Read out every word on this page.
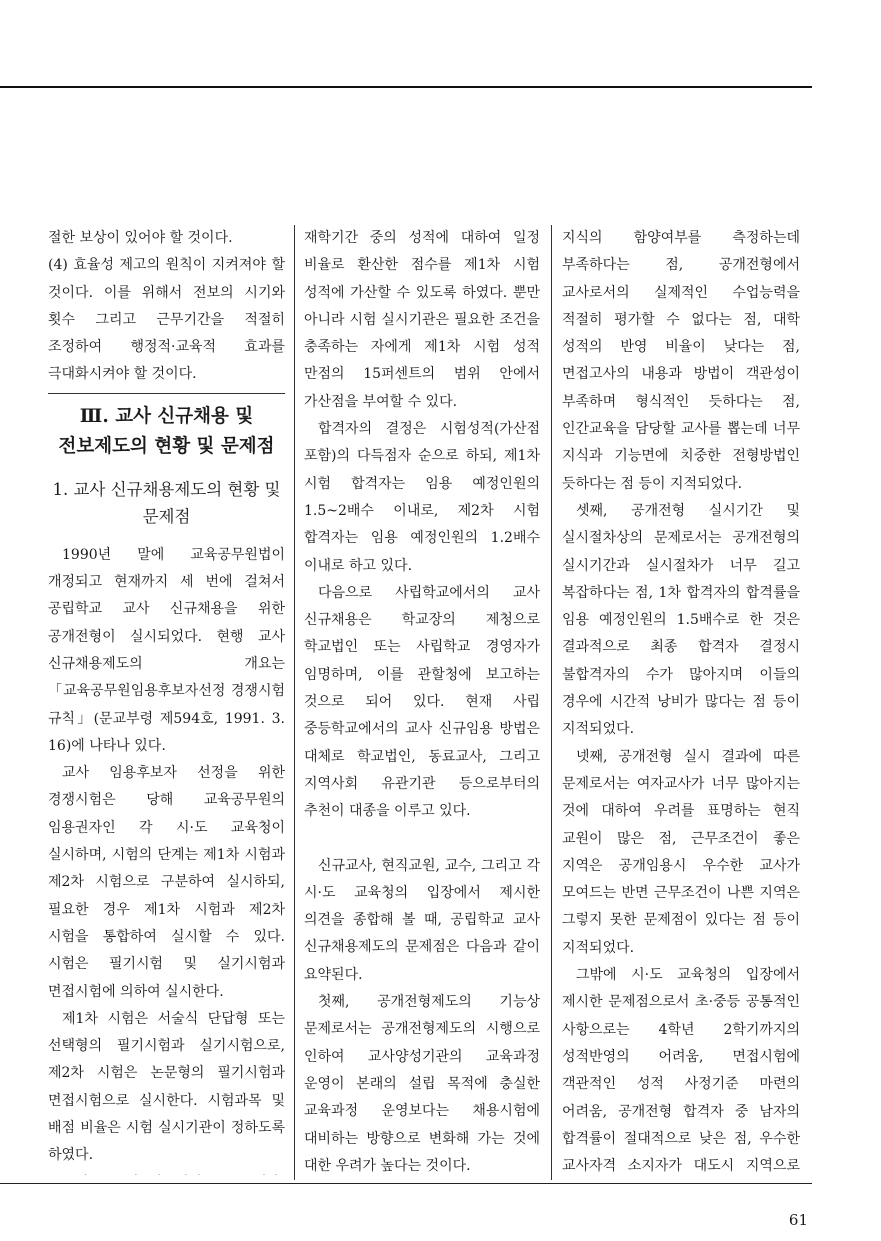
절한 보상이 있어야 할 것이다.

(4) 효율성 제고의 원칙이 지켜져야 할 것이다. 이를 위해서 전보의 시기와 횟수 그리고 근무기간을 적절히 조정하여 행정적·교육적 효과를 극대화시켜야 할 것이다.

Ⅲ. 교사 신규채용 및 전보제도의 현황 및 문제점
1. 교사 신규채용제도의 현황 및 문제점

1990년 말에 교육공무원법이 개정되고 현재까지 세 번에 걸쳐서 공립학교 교사 신규채용을 위한 공개전형이 실시되었다. 현행 교사 신규채용제도의 개요는 「교육공무원임용후보자선정 경쟁시험 규칙」(문교부령 제594호, 1991. 3. 16)에 나타나 있다.

교사 임용후보자 선정을 위한 경쟁시험은 당해 교육공무원의 임용권자인 각 시·도 교육청이 실시하며, 시험의 단계는 제1차 시험과 제2차 시험으로 구분하여 실시하되, 필요한 경우 제1차 시험과 제2차 시험을 통합하여 실시할 수 있다. 시험은 필기시험 및 실기시험과 면접시험에 의하여 실시한다.

제1차 시험은 서술식 단답형 또는 선택형의 필기시험과 실기시험으로, 제2차 시험은 논문형의 필기시험과 면접시험으로 실시한다. 시험과목 및 배점 비율은 시험 실시기관이 정하도록 하였다.

재학기간 중의 성적에 대하여 일정 비율로 환산한 점수를 제1차 시험 성적에 가산할 수 있도록 하였다. 뿐만 아니라 시험 실시기관은 필요한 조건을 충족하는 자에게 제1차 시험 성적 만점의 15퍼센트의 범위 안에서 가산점을 부여할 수 있다.

합격자의 결정은 시험성적(가산점 포함)의 다득점자 순으로 하되, 제1차 시험 합격자는 임용 예정인원의 1.5~2배수 이내로, 제2차 시험 합격자는 임용 예정인원의 1.2배수 이내로 하고 있다.

다음으로 사립학교에서의 교사 신규채용은 학교장의 제청으로 학교법인 또는 사립학교 경영자가 임명하며, 이를 관할청에 보고하는 것으로 되어 있다. 현재 사립 중등학교에서의 교사 신규임용 방법은 대체로 학교법인, 동료교사, 그리고 지역사회 유관기관 등으로부터의 추천이 대종을 이루고 있다.

신규교사, 현직교원, 교수, 그리고 각 시·도 교육청의 입장에서 제시한 의견을 종합해 볼 때, 공립학교 교사 신규채용제도의 문제점은 다음과 같이 요약된다.

첫째, 공개전형제도의 기능상 문제로서는 공개전형제도의 시행으로 인하여 교사양성기관의 교육과정 운영이 본래의 설립 목적에 충실한 교육과정 운영보다는 채용시험에 대비하는 방향으로 변화해 가는 것에 대한 우려가 높다는 것이다.

지식의 함양여부를 측정하는데 부족하다는 점, 공개전형에서 교사로서의 실제적인 수업능력을 적절히 평가할 수 없다는 점, 대학 성적의 반영 비율이 낮다는 점, 면접고사의 내용과 방법이 객관성이 부족하며 형식적인 듯하다는 점, 인간교육을 담당할 교사를 뽑는데 너무 지식과 기능면에 치중한 전형방법인 듯하다는 점 등이 지적되었다.

셋째, 공개전형 실시기간 및 실시절차상의 문제로서는 공개전형의 실시기간과 실시절차가 너무 길고 복잡하다는 점, 1차 합격자의 합격률을 임용 예정인원의 1.5배수로 한 것은 결과적으로 최종 합격자 결정시 불합격자의 수가 많아지며 이들의 경우에 시간적 낭비가 많다는 점 등이 지적되었다.

넷째, 공개전형 실시 결과에 따른 문제로서는 여자교사가 너무 많아지는 것에 대하여 우려를 표명하는 현직 교원이 많은 점, 근무조건이 좋은 지역은 공개임용시 우수한 교사가 모여드는 반면 근무조건이 나쁜 지역은 그렇지 못한 문제점이 있다는 점 등이 지적되었다.

그밖에 시·도 교육청의 입장에서 제시한 문제점으로서 초·중등 공통적인 사항으로는 4학년 2학기까지의 성적반영의 어려움, 면접시험에 객관적인 성적 사정기준 마련의 어려움, 공개전형 합격자 중 남자의 합격률이 절대적으로 낮은 점, 우수한 교사자격 소지자가 대도시 지역으로

61
